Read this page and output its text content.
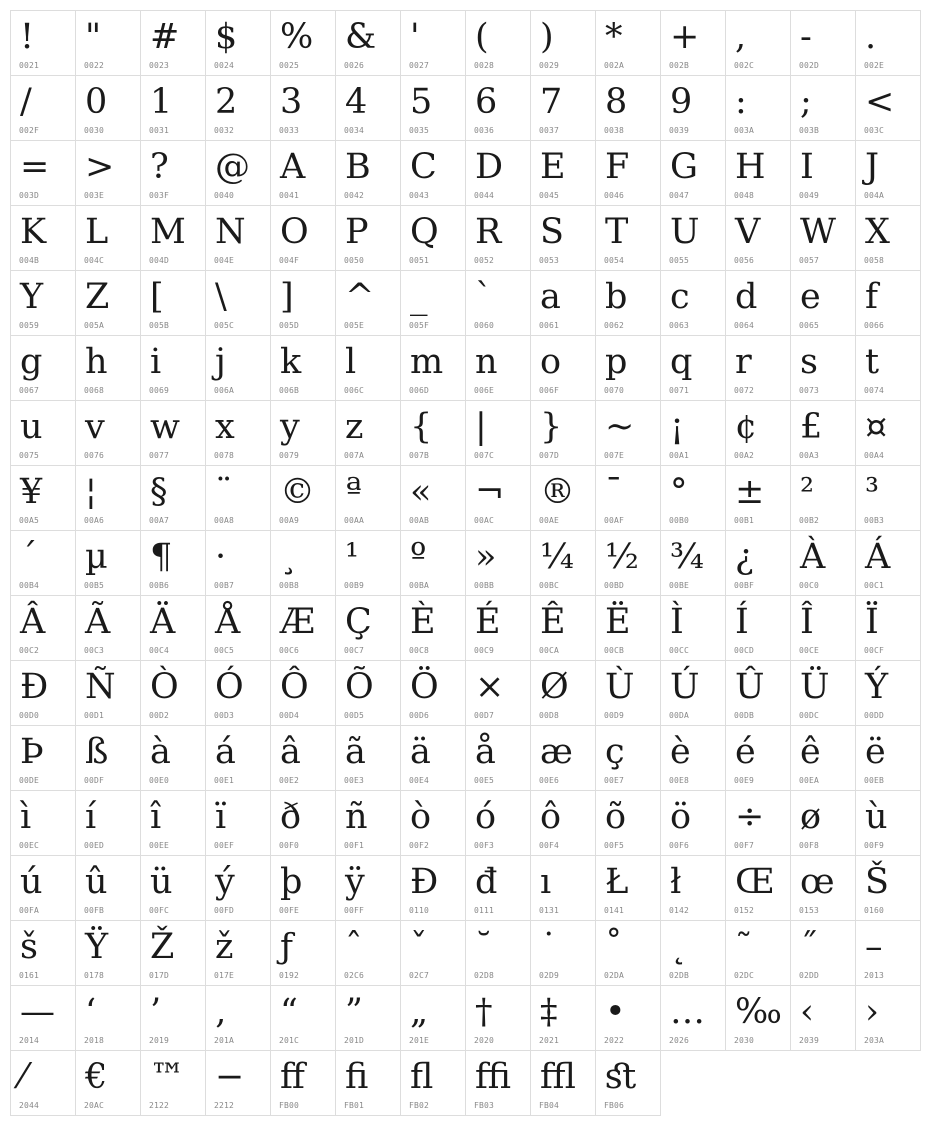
!
0021
"
0022
#
0023
$
0024
%
0025
&
0026
'
0027
(
0028
)
0029
*
002A
+
002B
,
002C
-
002D
.
002E
/
002F
0
0030
1
0031
2
0032
3
0033
4
0034
5
0035
6
0036
7
0037
8
0038
9
0039
:
003A
;
003B
<
003C
=
003D
>
003E
?
003F
@
0040
A
0041
B
0042
C
0043
D
0044
E
0045
F
0046
G
0047
H
0048
I
0049
J
004A
K
004B
L
004C
M
004D
N
004E
O
004F
P
0050
Q
0051
R
0052
S
0053
T
0054
U
0055
V
0056
W
0057
X
0058
Y
0059
Z
005A
[
005B
\
005C
]
005D
^
005E
_
005F
`
0060
a
0061
b
0062
c
0063
d
0064
e
0065
f
0066
g
0067
h
0068
i
0069
j
006A
k
006B
l
006C
m
006D
n
006E
o
006F
p
0070
q
0071
r
0072
s
0073
t
0074
u
0075
v
0076
w
0077
x
0078
y
0079
z
007A
{
007B
|
007C
}
007D
~
007E
¡
00A1
¢
00A2
£
00A3
¤
00A4
¥
00A5
¦
00A6
§
00A7
¨
00A8
©
00A9
ª
00AA
«
00AB
¬
00AC
®
00AE
¯
00AF
°
00B0
±
00B1
²
00B2
³
00B3
´
00B4
µ
00B5
¶
00B6
·
00B7
¸
00B8
¹
00B9
º
00BA
»
00BB
¼
00BC
½
00BD
¾
00BE
¿
00BF
À
00C0
Á
00C1
Â
00C2
Ã
00C3
Ä
00C4
Å
00C5
Æ
00C6
Ç
00C7
È
00C8
É
00C9
Ê
00CA
Ë
00CB
Ì
00CC
Í
00CD
Î
00CE
Ï
00CF
Ð
00D0
Ñ
00D1
Ò
00D2
Ó
00D3
Ô
00D4
Õ
00D5
Ö
00D6
×
00D7
Ø
00D8
Ù
00D9
Ú
00DA
Û
00DB
Ü
00DC
Ý
00DD
Þ
00DE
ß
00DF
à
00E0
á
00E1
â
00E2
ã
00E3
ä
00E4
å
00E5
æ
00E6
ç
00E7
è
00E8
é
00E9
ê
00EA
ë
00EB
ì
00EC
í
00ED
î
00EE
ï
00EF
ð
00F0
ñ
00F1
ò
00F2
ó
00F3
ô
00F4
õ
00F5
ö
00F6
÷
00F7
ø
00F8
ù
00F9
ú
00FA
û
00FB
ü
00FC
ý
00FD
þ
00FE
ÿ
00FF
Đ
0110
đ
0111
ı
0131
Ł
0141
ł
0142
Œ
0152
œ
0153
Š
0160
š
0161
Ÿ
0178
Ž
017D
ž
017E
ƒ
0192
ˆ
02C6
ˇ
02C7
˘
02D8
˙
02D9
˚
02DA
˛
02DB
˜
02DC
˝
02DD
–
2013
—
2014
‘
2018
’
2019
‚
201A
“
201C
”
201D
„
201E
†
2020
‡
2021
•
2022
…
2026
‰
2030
‹
2039
›
203A
⁄
2044
€
20AC
™
2122
−
2212
ﬀ
FB00
ﬁ
FB01
ﬂ
FB02
ﬃ
FB03
ﬄ
FB04
ﬆ
FB06
